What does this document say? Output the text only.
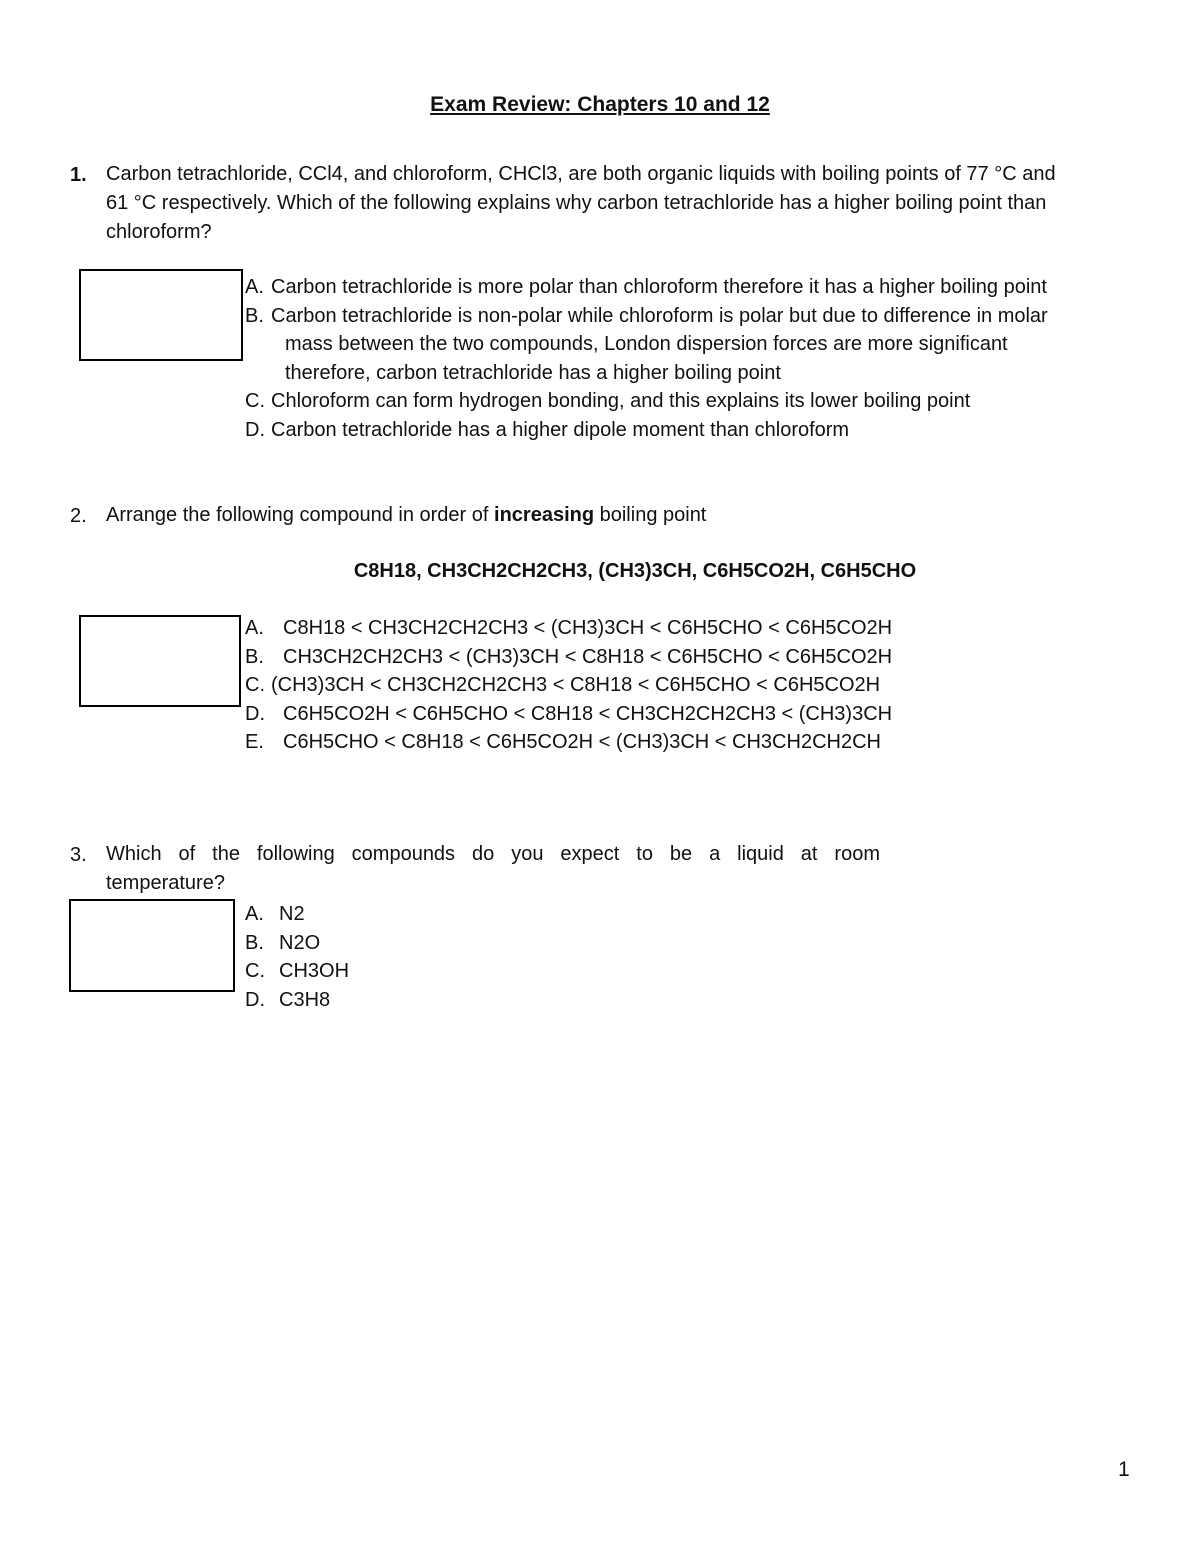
Exam Review: Chapters 10 and 12
1. Carbon tetrachloride, CCl4, and chloroform, CHCl3, are both organic liquids with boiling points of 77 °C and
61 °C respectively. Which of the following explains why carbon tetrachloride has a higher boiling point than
chloroform?
A. Carbon tetrachloride is more polar than chloroform therefore it has a higher boiling point
B. Carbon tetrachloride is non-polar while chloroform is polar but due to difference in molar
mass between the two compounds, London dispersion forces are more significant
therefore, carbon tetrachloride has a higher boiling point
C. Chloroform can form hydrogen bonding, and this explains its lower boiling point
D. Carbon tetrachloride has a higher dipole moment than chloroform
2. Arrange the following compound in order of increasing boiling point
C8H18, CH3CH2CH2CH3, (CH3)3CH, C6H5CO2H, C6H5CHO
A. C8H18 < CH3CH2CH2CH3 < (CH3)3CH < C6H5CHO < C6H5CO2H
B. CH3CH2CH2CH3 < (CH3)3CH < C8H18 < C6H5CHO < C6H5CO2H
C. (CH3)3CH < CH3CH2CH2CH3 < C8H18 < C6H5CHO < C6H5CO2H
D. C6H5CO2H < C6H5CHO < C8H18 < CH3CH2CH2CH3 < (CH3)3CH
E. C6H5CHO < C8H18 < C6H5CO2H < (CH3)3CH < CH3CH2CH2CH
3. Which of the following compounds do you expect to be a liquid at room
temperature?
A. N2
B. N2O
C. CH3OH
D. C3H8
1
